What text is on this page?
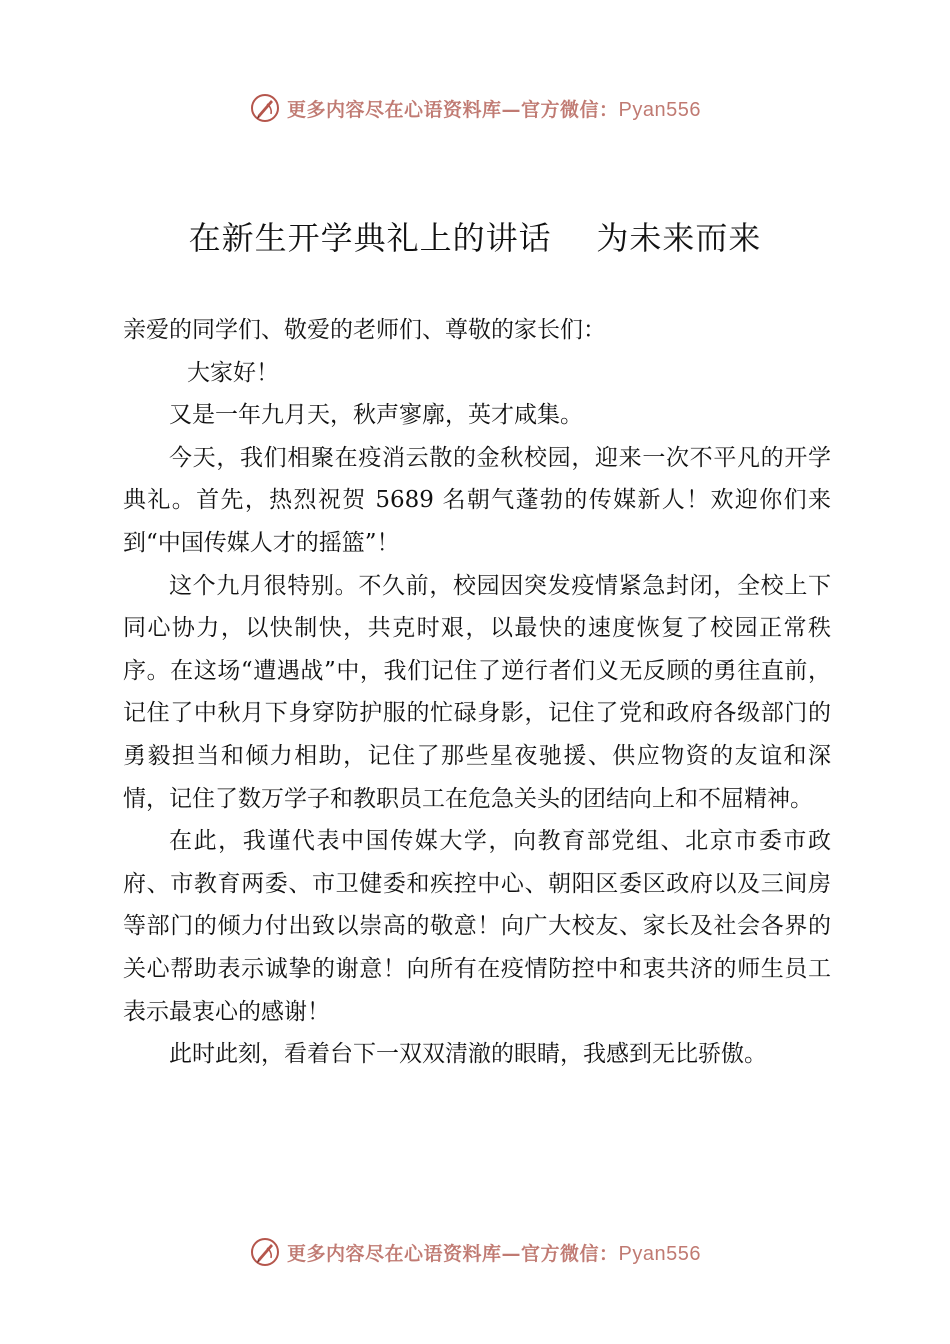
更多内容尽在心语资料库—官方微信：Pyan556
在新生开学典礼上的讲话    为未来而来

亲爱的同学们、敬爱的老师们、尊敬的家长们：

大家好！

又是一年九月天，秋声寥廓，英才咸集。

今天，我们相聚在疫消云散的金秋校园，迎来一次不平凡的开学典礼。首先，热烈祝贺 5689 名朝气蓬勃的传媒新人！欢迎你们来到“中国传媒人才的摇篮”！

这个九月很特别。不久前，校园因突发疫情紧急封闭，全校上下同心协力，以快制快，共克时艰，以最快的速度恢复了校园正常秩序。在这场“遭遇战”中，我们记住了逆行者们义无反顾的勇往直前，记住了中秋月下身穿防护服的忙碌身影，记住了党和政府各级部门的勇毅担当和倾力相助，记住了那些星夜驰援、供应物资的友谊和深情，记住了数万学子和教职员工在危急关头的团结向上和不屈精神。

在此，我谨代表中国传媒大学，向教育部党组、北京市委市政府、市教育两委、市卫健委和疾控中心、朝阳区委区政府以及三间房等部门的倾力付出致以崇高的敬意！向广大校友、家长及社会各界的关心帮助表示诚挚的谢意！向所有在疫情防控中和衷共济的师生员工表示最衷心的感谢！

此时此刻，看着台下一双双清澈的眼睛，我感到无比骄傲。

更多内容尽在心语资料库—官方微信：Pyan556
